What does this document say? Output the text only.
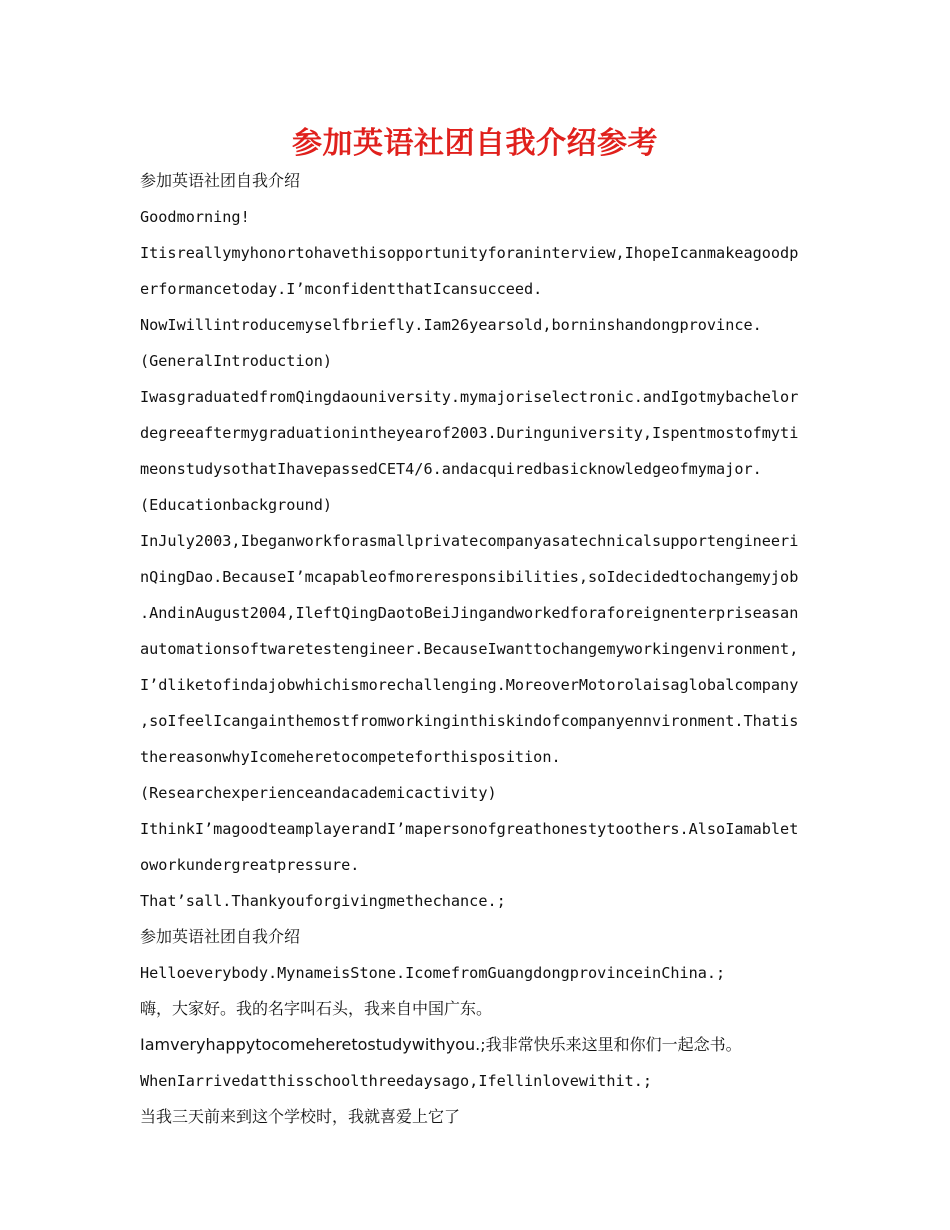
参加英语社团自我介绍参考
参加英语社团自我介绍
Goodmorning!
Itisreallymyhonortohavethisopportunityforaninterview,IhopeIcanmakeagoodp
erformancetoday.I’mconfidentthatIcansucceed.
NowIwillintroducemyselfbriefly.Iam26yearsold,borninshandongprovince.
(GeneralIntroduction)
IwasgraduatedfromQingdaouniversity.mymajoriselectronic.andIgotmybachelor
degreeaftermygraduationintheyearof2003.Duringuniversity,Ispentmostofmyti
meonstudysothatIhavepassedCET4/6.andacquiredbasicknowledgeofmymajor.
(Educationbackground)
InJuly2003,Ibeganworkforasmallprivatecompanyasatechnicalsupportengineeri
nQingDao.BecauseI’mcapableofmoreresponsibilities,soIdecidedtochangemyjob
.AndinAugust2004,IleftQingDaotoBeiJingandworkedforaforeignenterpriseasan
automationsoftwaretestengineer.BecauseIwanttochangemyworkingenvironment,
I’dliketofindajobwhichismorechallenging.MoreoverMotorolaisaglobalcompany
,soIfeelIcangainthemostfromworkinginthiskindofcompanyennvironment.Thatis
thereasonwhyIcomeheretocompeteforthisposition.
(Researchexperienceandacademicactivity)
IthinkI’magoodteamplayerandI’mapersonofgreathonestytoothers.AlsoIamablet
oworkundergreatpressure.
That’sall.Thankyouforgivingmethechance.;
参加英语社团自我介绍
Helloeverybody.MynameisStone.IcomefromGuangdongprovinceinChina.;
嗨，大家好。我的名字叫石头，我来自中国广东。
Iamveryhappytocomeheretostudywithyou.;我非常快乐来这里和你们一起念书。
WhenIarrivedatthisschoolthreedaysago,Ifellinlovewithit.;
当我三天前来到这个学校时，我就喜爱上它了
